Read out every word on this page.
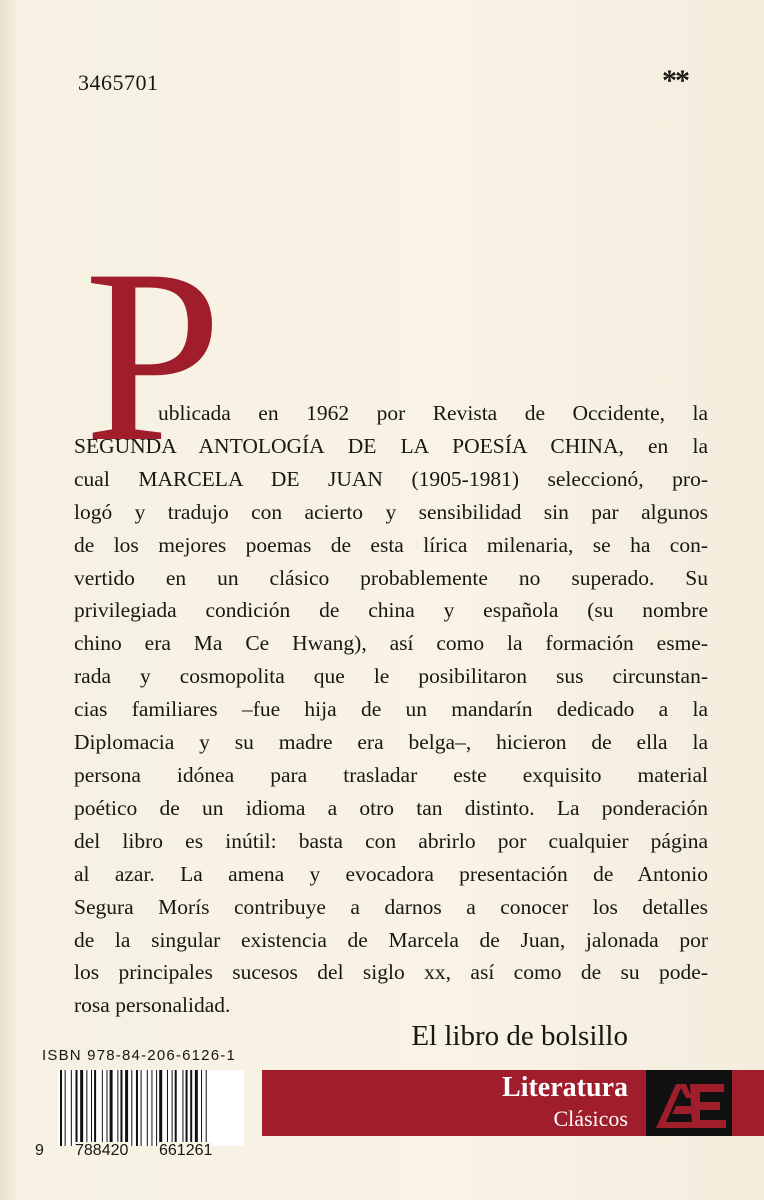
3465701	**
P
ublicada en 1962 por Revista de Occidente, la
SEGUNDA ANTOLOGÍA DE LA POESÍA CHINA, en la
cual MARCELA DE JUAN (1905-1981) seleccionó, pro-
logó y tradujo con acierto y sensibilidad sin par algunos
de los mejores poemas de esta lírica milenaria, se ha con-
vertido en un clásico probablemente no superado. Su
privilegiada condición de china y española (su nombre
chino era Ma Ce Hwang), así como la formación esme-
rada y cosmopolita que le posibilitaron sus circunstan-
cias familiares –fue hija de un mandarín dedicado a la
Diplomacia y su madre era belga–, hicieron de ella la
persona idónea para trasladar este exquisito material
poético de un idioma a otro tan distinto. La ponderación
del libro es inútil: basta con abrirlo por cualquier página
al azar. La amena y evocadora presentación de Antonio
Segura Morís contribuye a darnos a conocer los detalles
de la singular existencia de Marcela de Juan, jalonada por
los principales sucesos del siglo xx, así como de su pode-
rosa personalidad.
El libro de bolsillo
ISBN 978-84-206-6126-1
9 788420 661261
Literatura
Clásicos
